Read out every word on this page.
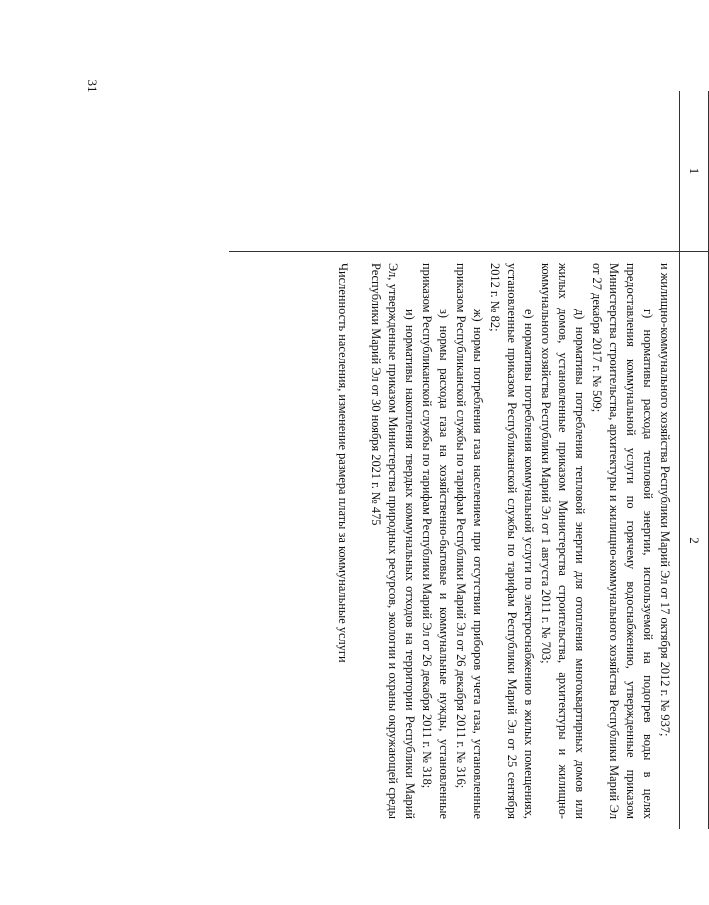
31
1
2

и жилищно-коммунального хозяйства Республики Марий Эл от 17 октября 2012 г. № 937;

г) нормативы расхода тепловой энергии, используемой на подогрев воды в целях предоставления коммунальной услуги по горячему водоснабжению, утвержденные приказом Министерства строительства, архитектуры и жилищно-коммунального хозяйства Республики Марий Эл от 27 декабря 2017 г. № 509;

д) нормативы потребления тепловой энергии для отопления многоквартирных домов или жилых домов, установленные приказом Министерства строительства, архитектуры и жилищно-коммунального хозяйства Республики Марий Эл от 1 августа 2011 г. № 703;

е) нормативы потребления коммунальной услуги по электроснабжению в жилых помещениях, установленные приказом Республиканской службы по тарифам Республики Марий Эл от 25 сентября 2012 г. № 82;

ж) нормы потребления газа населением при отсутствии приборов учета газа, установленные приказом Республиканской службы по тарифам Республики Марий Эл от 26 декабря 2011 г. № 316;

з) нормы расхода газа на хозяйственно-бытовые и коммунальные нужды, установленные приказом Республиканской службы по тарифам Республики Марий Эл от 26 декабря 2011 г. № 318;

и) нормативы накопления твердых коммунальных отходов на территории Республики Марий Эл, утвержденные приказом Министерства природных ресурсов, экологии и охраны окружающей среды Республики Марий Эл от 30 ноября 2021 г. № 475

Численность населения, изменение размера платы за коммунальные услуги
